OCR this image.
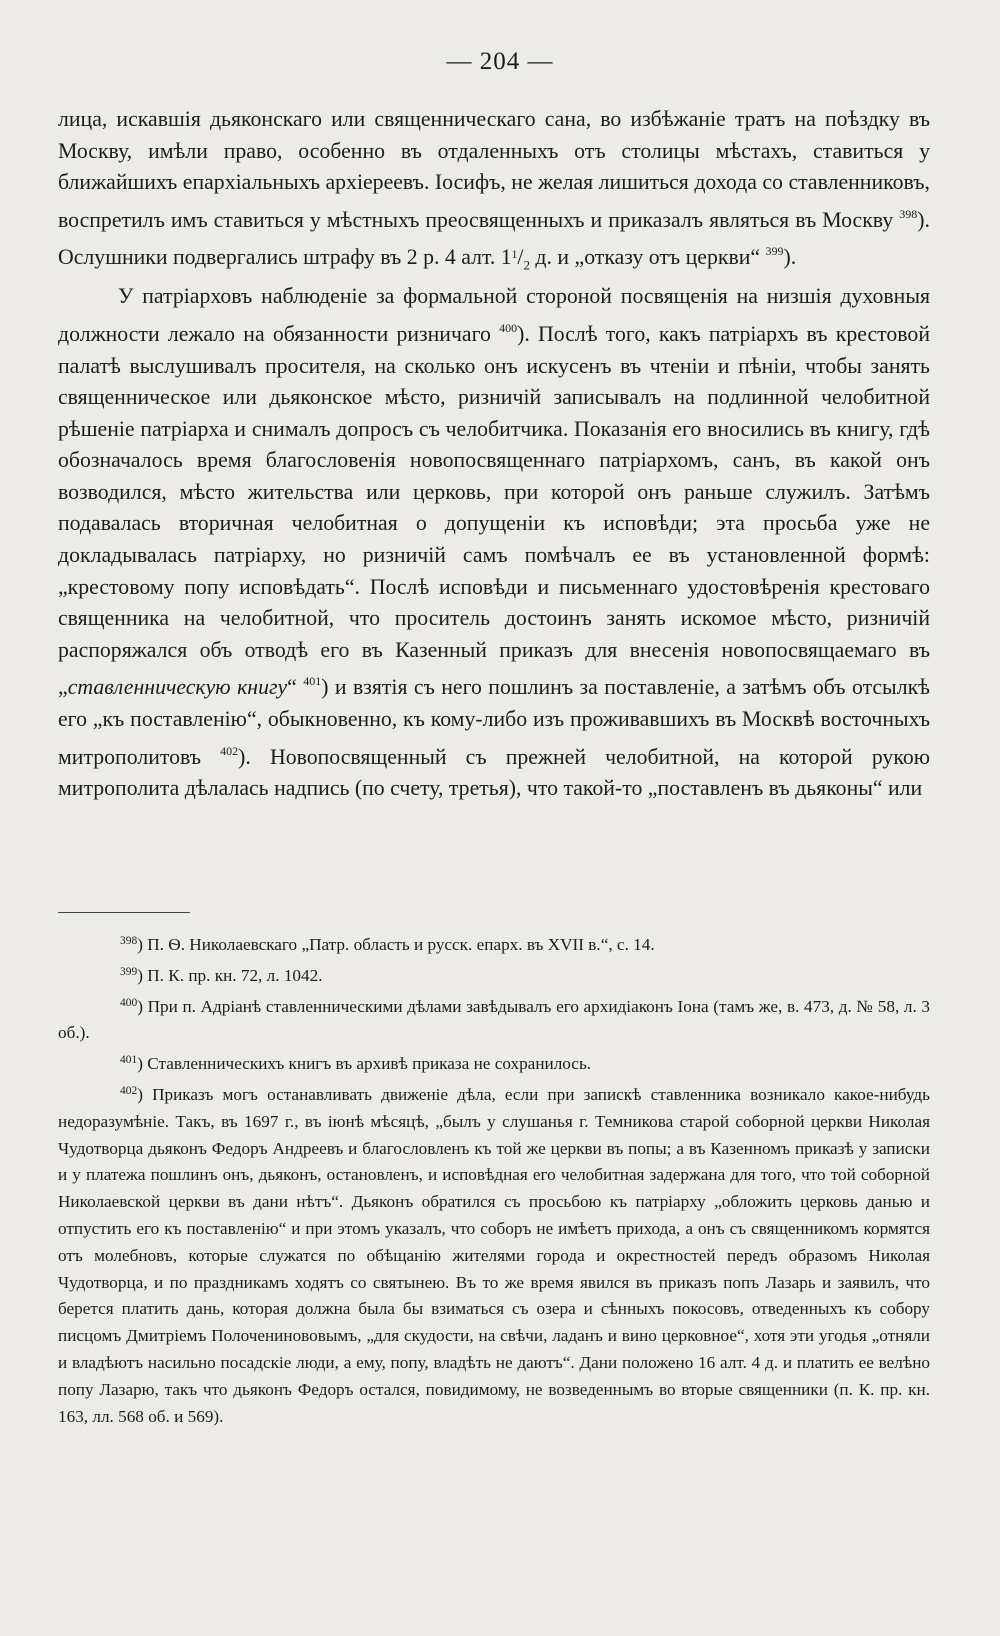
— 204 —

лица, искавшія дьяконскаго или священническаго сана, во избѣжаніе тратъ на поѣздку въ Москву, имѣли право, особенно въ отдаленныхъ отъ столицы мѣстахъ, ставиться у ближайшихъ епархіальныхъ архіереевъ. Іосифъ, не желая лишиться дохода со ставленниковъ, воспретилъ имъ ставиться у мѣстныхъ преосвященныхъ и приказалъ являться въ Москву $^{398}$). Ослушники подвергались штрафу въ 2 р. 4 алт. $1^1/_2$ д. и „отказу отъ церкви“ $^{399}$).

У патріарховъ наблюденіе за формальной стороной посвященія на низшія духовныя должности лежало на обязанности ризничаго $^{400}$). Послѣ того, какъ патріархъ въ крестовой палатѣ выслушивалъ просителя, на сколько онъ искусенъ въ чтеніи и пѣніи, чтобы занять священническое или дьяконское мѣсто, ризничій записывалъ на подлинной челобитной рѣшеніе патріарха и снималъ допросъ съ челобитчика. Показанія его вносились въ книгу, гдѣ обозначалось время благословенія новопосвященнаго патріархомъ, санъ, въ какой онъ возводился, мѣсто жительства или церковь, при которой онъ раньше служилъ. Затѣмъ подавалась вторичная челобитная о допущеніи къ исповѣди; эта просьба уже не докладывалась патріарху, но ризничій самъ помѣчалъ ее въ установленной формѣ: „крестовому попу исповѣдать“. Послѣ исповѣди и письменнаго удостовѣренія крестоваго священника на челобитной, что проситель достоинъ занять искомое мѣсто, ризничій распоряжался объ отводѣ его въ Казенный приказъ для внесенія новопосвящаемаго въ „ставленническую книгу“ $^{401}$) и взятія съ него пошлинъ за поставленіе, а затѣмъ объ отсылкѣ его „къ поставленію“, обыкновенно, къ кому-либо изъ проживавшихъ въ Москвѣ восточныхъ митрополитовъ $^{402}$). Новопосвященный съ прежней челобитной, на которой рукою митрополита дѣлалась надпись (по счету, третья), что такой-то „поставленъ въ дьяконы“ или

$^{398}$) П. Ѳ. Николаевскаго „Патр. область и русск. епарх. въ XVII в.“, с. 14.

$^{399}$) П. К. пр. кн. 72, л. 1042.

$^{400}$) При п. Адріанѣ ставленническими дѣлами завѣдывалъ его архидіаконъ Іона (тамъ же, в. 473, д. № 58, л. 3 об.).

$^{401}$) Ставленническихъ книгъ въ архивѣ приказа не сохранилось.

$^{402}$) Приказъ могъ останавливать движеніе дѣла, если при запискѣ ставленника возникало какое-нибудь недоразумѣніе. Такъ, въ 1697 г., въ іюнѣ мѣсяцѣ, „былъ у слушанья г. Темникова старой соборной церкви Николая Чудотворца дьяконъ Федоръ Андреевъ и благословленъ къ той же церкви въ попы; а въ Казенномъ приказѣ у записки и у платежа пошлинъ онъ, дьяконъ, остановленъ, и исповѣдная его челобитная задержана для того, что той соборной Николаевской церкви въ дани нѣтъ“. Дьяконъ обратился съ просьбою къ патріарху „обложить церковь данью и отпустить его къ поставленію“ и при этомъ указалъ, что соборъ не имѣетъ прихода, а онъ съ священникомъ кормятся отъ молебновъ, которые служатся по обѣщанію жителями города и окрестностей передъ образомъ Николая Чудотворца, и по праздникамъ ходятъ со святынею. Въ то же время явился въ приказъ попъ Лазарь и заявилъ, что берется платить дань, которая должна была бы взиматься съ озера и сѣнныхъ покосовъ, отведенныхъ къ собору писцомъ Дмитріемъ Полоченинововымъ, „для скудости, на свѣчи, ладанъ и вино церковное“, хотя эти угодья „отняли и владѣютъ насильно посадскіе люди, а ему, попу, владѣть не даютъ“. Дани положено 16 алт. 4 д. и платить ее велѣно попу Лазарю, такъ что дьяконъ Федоръ остался, повидимому, не возведеннымъ во вторые священники (п. К. пр. кн. 163, лл. 568 об. и 569).
